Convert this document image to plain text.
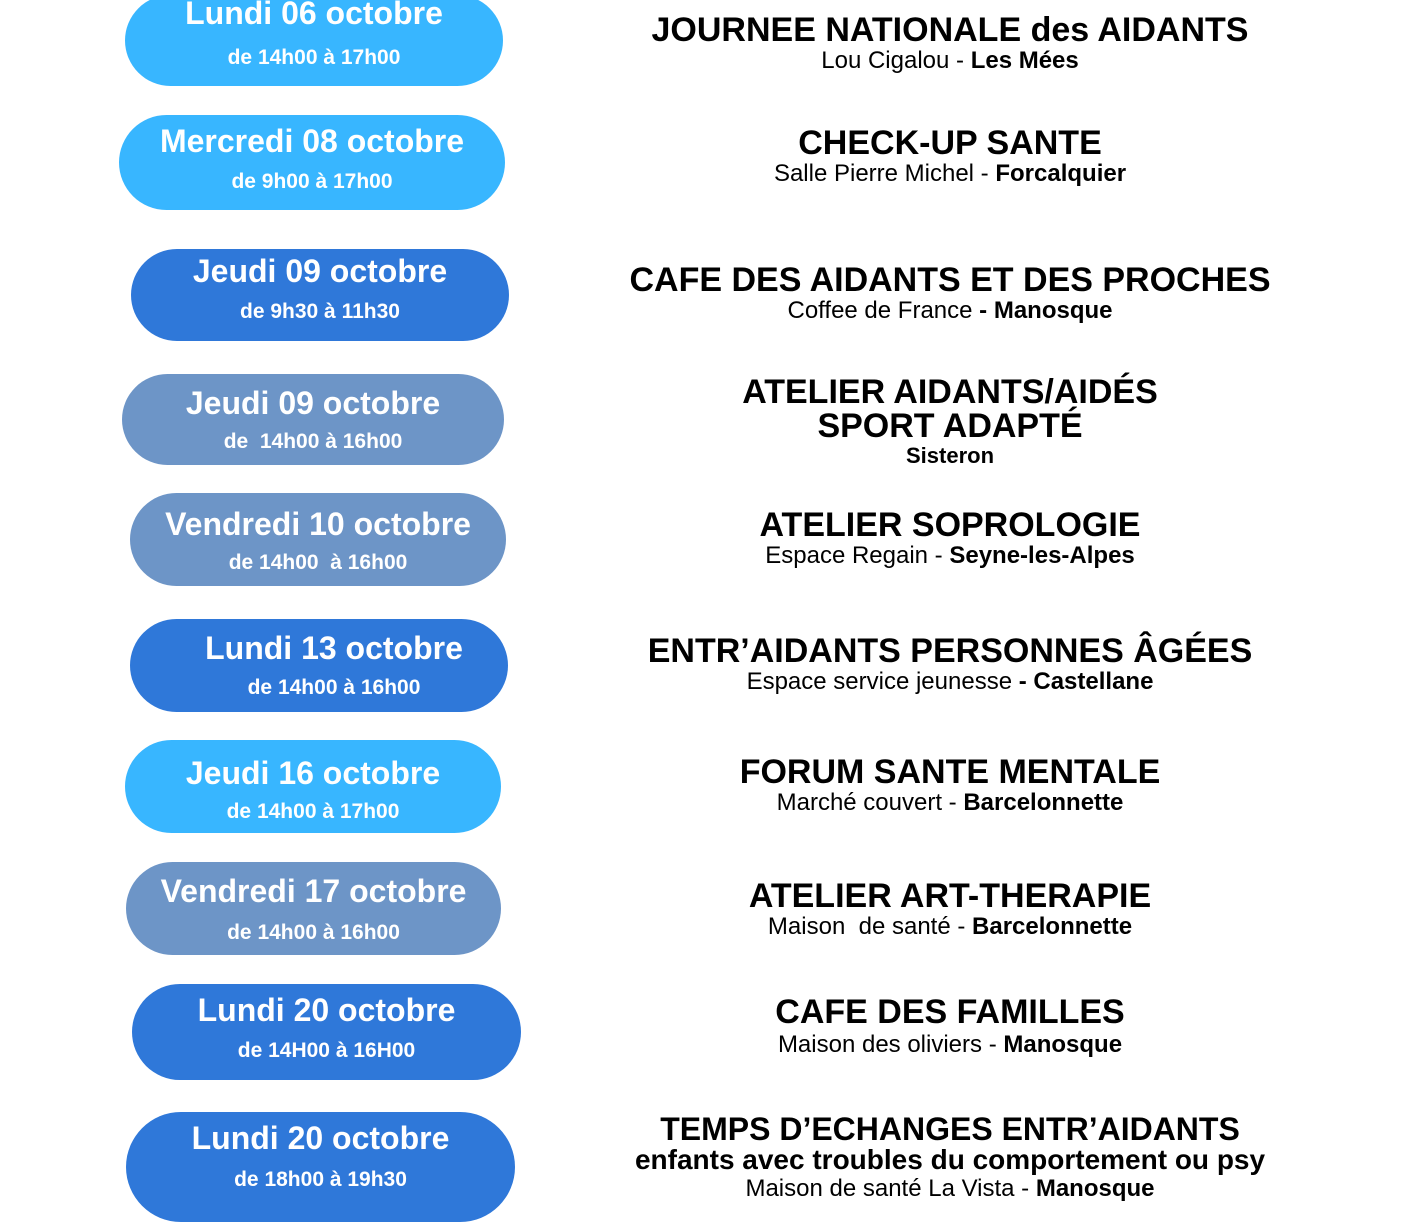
Lundi 06 octobre
de 14h00 à 17h00
JOURNEE NATIONALE des AIDANTS
Lou Cigalou - Les Mées
Mercredi 08 octobre
de 9h00 à 17h00
CHECK-UP SANTE
Salle Pierre Michel - Forcalquier
Jeudi 09 octobre
de 9h30 à 11h30
CAFE DES AIDANTS ET DES PROCHES
Coffee de France - Manosque
Jeudi 09 octobre
de  14h00 à 16h00
ATELIER AIDANTS/AIDÉS
SPORT ADAPTÉ
Sisteron
Vendredi 10 octobre
de 14h00  à 16h00
ATELIER SOPROLOGIE
Espace Regain - Seyne-les-Alpes
Lundi 13 octobre
de 14h00 à 16h00
ENTR’AIDANTS PERSONNES ÂGÉES
Espace service jeunesse - Castellane
Jeudi 16 octobre
de 14h00 à 17h00
FORUM SANTE MENTALE
Marché couvert - Barcelonnette
Vendredi 17 octobre
de 14h00 à 16h00
ATELIER ART-THERAPIE
Maison  de santé - Barcelonnette
Lundi 20 octobre
de 14H00 à 16H00
CAFE DES FAMILLES
Maison des oliviers - Manosque
Lundi 20 octobre
de 18h00 à 19h30
TEMPS D’ECHANGES ENTR’AIDANTS
enfants avec troubles du comportement ou psy
Maison de santé La Vista - Manosque
